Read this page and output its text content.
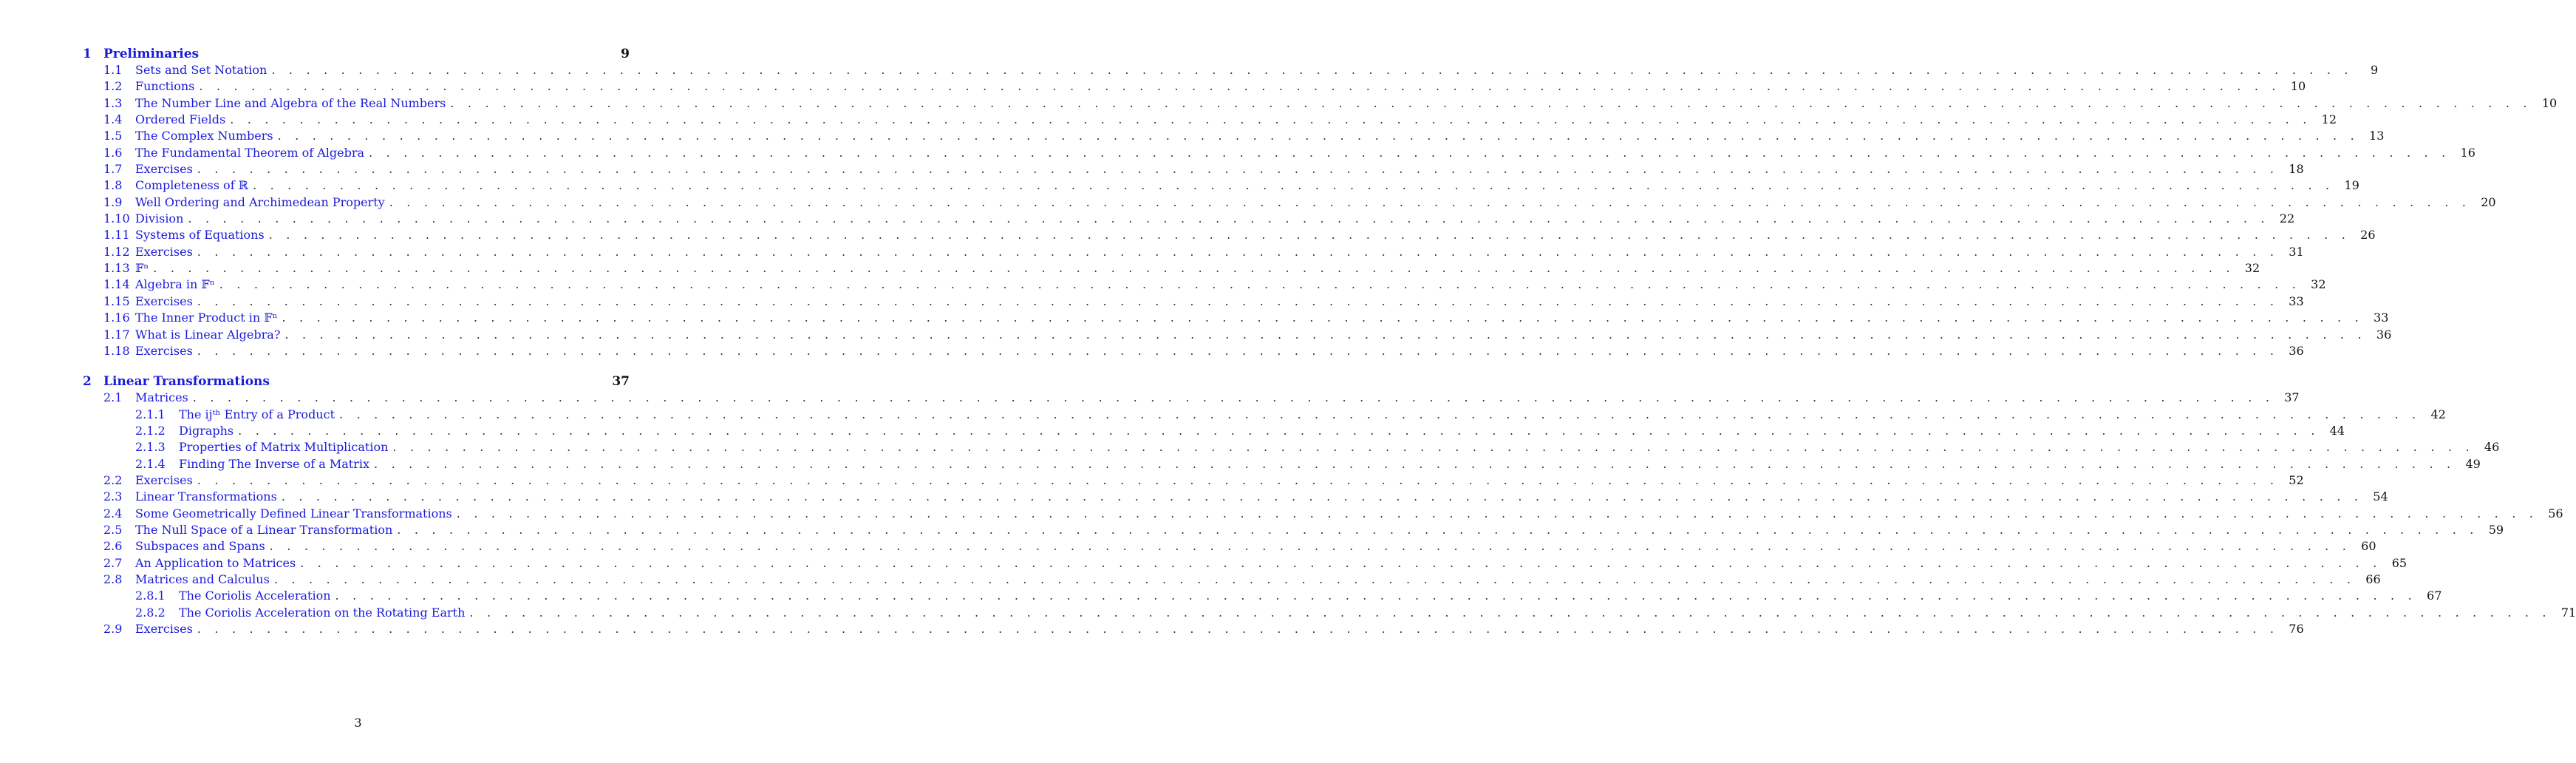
1 Preliminaries	9
1.1	Sets and Set Notation . . . . . . . . . . . . . . . . . . . . . . . . . . . . . . . . . . . . . . . . . . . . . . . . . . . . . . . . . . . . . . . . . . . . . . . . . . . . . . . . . . . . . . . . . . . . . . . . . . . . . . . . . . . . . . . . . . . . . . . .	9
1.2	Functions . . . . . . . . . . . . . . . . . . . . . . . . . . . . . . . . . . . . . . . . . . . . . . . . . . . . . . . . . . . . . . . . . . . . . . . . . . . . . . . . . . . . . . . . . . . . . . . . . . . . . . . . . . . . . . . . . . . . . . . . 10
1.3	The Number Line and Algebra of the Real Numbers . . . . . . . . . . . . . . . . . . . . . . . . . . . . . . . . . . . . . . . . . . . . . . . . . . . . . . . . . . . . . . . . . . . . . . . . . . . . . . . . . . . . . . . . . . . . . . . . . . . . . . . . . . . . . . . . . . . . . . . . 10
1.4	Ordered Fields . . . . . . . . . . . . . . . . . . . . . . . . . . . . . . . . . . . . . . . . . . . . . . . . . . . . . . . . . . . . . . . . . . . . . . . . . . . . . . . . . . . . . . . . . . . . . . . . . . . . . . . . . . . . . . . . . . . . . . . . 12
1.5	The Complex Numbers . . . . . . . . . . . . . . . . . . . . . . . . . . . . . . . . . . . . . . . . . . . . . . . . . . . . . . . . . . . . . . . . . . . . . . . . . . . . . . . . . . . . . . . . . . . . . . . . . . . . . . . . . . . . . . . . . . . . . . . . 13
1.6	The Fundamental Theorem of Algebra . . . . . . . . . . . . . . . . . . . . . . . . . . . . . . . . . . . . . . . . . . . . . . . . . . . . . . . . . . . . . . . . . . . . . . . . . . . . . . . . . . . . . . . . . . . . . . . . . . . . . . . . . . . . . . . . . . . . . . . . 16
1.7	Exercises . . . . . . . . . . . . . . . . . . . . . . . . . . . . . . . . . . . . . . . . . . . . . . . . . . . . . . . . . . . . . . . . . . . . . . . . . . . . . . . . . . . . . . . . . . . . . . . . . . . . . . . . . . . . . . . . . . . . . . . . 18
1.8	Completeness of ℝ . . . . . . . . . . . . . . . . . . . . . . . . . . . . . . . . . . . . . . . . . . . . . . . . . . . . . . . . . . . . . . . . . . . . . . . . . . . . . . . . . . . . . . . . . . . . . . . . . . . . . . . . . . . . . . . . . . . . . . . . 19
1.9	Well Ordering and Archimedean Property . . . . . . . . . . . . . . . . . . . . . . . . . . . . . . . . . . . . . . . . . . . . . . . . . . . . . . . . . . . . . . . . . . . . . . . . . . . . . . . . . . . . . . . . . . . . . . . . . . . . . . . . . . . . . . . . . . . . . . . . 20
1.10 Division . . . . . . . . . . . . . . . . . . . . . . . . . . . . . . . . . . . . . . . . . . . . . . . . . . . . . . . . . . . . . . . . . . . . . . . . . . . . . . . . . . . . . . . . . . . . . . . . . . . . . . . . . . . . . . . . . . . . . . . . 22
1.11 Systems of Equations . . . . . . . . . . . . . . . . . . . . . . . . . . . . . . . . . . . . . . . . . . . . . . . . . . . . . . . . . . . . . . . . . . . . . . . . . . . . . . . . . . . . . . . . . . . . . . . . . . . . . . . . . . . . . . . . . . . . . . . . 26
1.12 Exercises . . . . . . . . . . . . . . . . . . . . . . . . . . . . . . . . . . . . . . . . . . . . . . . . . . . . . . . . . . . . . . . . . . . . . . . . . . . . . . . . . . . . . . . . . . . . . . . . . . . . . . . . . . . . . . . . . . . . . . . . 31
1.13 𝔽ⁿ . . . . . . . . . . . . . . . . . . . . . . . . . . . . . . . . . . . . . . . . . . . . . . . . . . . . . . . . . . . . . . . . . . . . . . . . . . . . . . . . . . . . . . . . . . . . . . . . . . . . . . . . . . . . . . . . . . . . . . . . 32
1.14 Algebra in 𝔽ⁿ . . . . . . . . . . . . . . . . . . . . . . . . . . . . . . . . . . . . . . . . . . . . . . . . . . . . . . . . . . . . . . . . . . . . . . . . . . . . . . . . . . . . . . . . . . . . . . . . . . . . . . . . . . . . . . . . . . . . . . . . 32
1.15 Exercises . . . . . . . . . . . . . . . . . . . . . . . . . . . . . . . . . . . . . . . . . . . . . . . . . . . . . . . . . . . . . . . . . . . . . . . . . . . . . . . . . . . . . . . . . . . . . . . . . . . . . . . . . . . . . . . . . . . . . . . . 33
1.16 The Inner Product in 𝔽ⁿ . . . . . . . . . . . . . . . . . . . . . . . . . . . . . . . . . . . . . . . . . . . . . . . . . . . . . . . . . . . . . . . . . . . . . . . . . . . . . . . . . . . . . . . . . . . . . . . . . . . . . . . . . . . . . . . . . . . . . . . . 33
1.17 What is Linear Algebra? . . . . . . . . . . . . . . . . . . . . . . . . . . . . . . . . . . . . . . . . . . . . . . . . . . . . . . . . . . . . . . . . . . . . . . . . . . . . . . . . . . . . . . . . . . . . . . . . . . . . . . . . . . . . . . . . . . . . . . . . 36
1.18 Exercises . . . . . . . . . . . . . . . . . . . . . . . . . . . . . . . . . . . . . . . . . . . . . . . . . . . . . . . . . . . . . . . . . . . . . . . . . . . . . . . . . . . . . . . . . . . . . . . . . . . . . . . . . . . . . . . . . . . . . . . . 36
2 Linear Transformations	37
2.1	Matrices . . . . . . . . . . . . . . . . . . . . . . . . . . . . . . . . . . . . . . . . . . . . . . . . . . . . . . . . . . . . . . . . . . . . . . . . . . . . . . . . . . . . . . . . . . . . . . . . . . . . . . . . . . . . . . . . . . . . . . . . 37
2.1.1	The ijᵗʰ Entry of a Product . . . . . . . . . . . . . . . . . . . . . . . . . . . . . . . . . . . . . . . . . . . . . . . . . . . . . . . . . . . . . . . . . . . . . . . . . . . . . . . . . . . . . . . . . . . . . . . . . . . . . . . . . . . . . . . . . . . . . . . . 42
2.1.2	Digraphs . . . . . . . . . . . . . . . . . . . . . . . . . . . . . . . . . . . . . . . . . . . . . . . . . . . . . . . . . . . . . . . . . . . . . . . . . . . . . . . . . . . . . . . . . . . . . . . . . . . . . . . . . . . . . . . . . . . . . . . . 44
2.1.3	Properties of Matrix Multiplication . . . . . . . . . . . . . . . . . . . . . . . . . . . . . . . . . . . . . . . . . . . . . . . . . . . . . . . . . . . . . . . . . . . . . . . . . . . . . . . . . . . . . . . . . . . . . . . . . . . . . . . . . . . . . . . . . . . . . . . . 46
2.1.4	Finding The Inverse of a Matrix . . . . . . . . . . . . . . . . . . . . . . . . . . . . . . . . . . . . . . . . . . . . . . . . . . . . . . . . . . . . . . . . . . . . . . . . . . . . . . . . . . . . . . . . . . . . . . . . . . . . . . . . . . . . . . . . . . . . . . . . 49
2.2	Exercises . . . . . . . . . . . . . . . . . . . . . . . . . . . . . . . . . . . . . . . . . . . . . . . . . . . . . . . . . . . . . . . . . . . . . . . . . . . . . . . . . . . . . . . . . . . . . . . . . . . . . . . . . . . . . . . . . . . . . . . . 52
2.3	Linear Transformations . . . . . . . . . . . . . . . . . . . . . . . . . . . . . . . . . . . . . . . . . . . . . . . . . . . . . . . . . . . . . . . . . . . . . . . . . . . . . . . . . . . . . . . . . . . . . . . . . . . . . . . . . . . . . . . . . . . . . . . . 54
2.4	Some Geometrically Defined Linear Transformations . . . . . . . . . . . . . . . . . . . . . . . . . . . . . . . . . . . . . . . . . . . . . . . . . . . . . . . . . . . . . . . . . . . . . . . . . . . . . . . . . . . . . . . . . . . . . . . . . . . . . . . . . . . . . . . . . . . . . . . . 56
2.5	The Null Space of a Linear Transformation . . . . . . . . . . . . . . . . . . . . . . . . . . . . . . . . . . . . . . . . . . . . . . . . . . . . . . . . . . . . . . . . . . . . . . . . . . . . . . . . . . . . . . . . . . . . . . . . . . . . . . . . . . . . . . . . . . . . . . . . 59
2.6	Subspaces and Spans . . . . . . . . . . . . . . . . . . . . . . . . . . . . . . . . . . . . . . . . . . . . . . . . . . . . . . . . . . . . . . . . . . . . . . . . . . . . . . . . . . . . . . . . . . . . . . . . . . . . . . . . . . . . . . . . . . . . . . . . 60
2.7	An Application to Matrices . . . . . . . . . . . . . . . . . . . . . . . . . . . . . . . . . . . . . . . . . . . . . . . . . . . . . . . . . . . . . . . . . . . . . . . . . . . . . . . . . . . . . . . . . . . . . . . . . . . . . . . . . . . . . . . . . . . . . . . . 65
2.8	Matrices and Calculus . . . . . . . . . . . . . . . . . . . . . . . . . . . . . . . . . . . . . . . . . . . . . . . . . . . . . . . . . . . . . . . . . . . . . . . . . . . . . . . . . . . . . . . . . . . . . . . . . . . . . . . . . . . . . . . . . . . . . . . . 66
2.8.1	The Coriolis Acceleration . . . . . . . . . . . . . . . . . . . . . . . . . . . . . . . . . . . . . . . . . . . . . . . . . . . . . . . . . . . . . . . . . . . . . . . . . . . . . . . . . . . . . . . . . . . . . . . . . . . . . . . . . . . . . . . . . . . . . . . . 67
2.8.2	The Coriolis Acceleration on the Rotating Earth . . . . . . . . . . . . . . . . . . . . . . . . . . . . . . . . . . . . . . . . . . . . . . . . . . . . . . . . . . . . . . . . . . . . . . . . . . . . . . . . . . . . . . . . . . . . . . . . . . . . . . . . . . . . . . . . . . . . . . . . 71
2.9	Exercises . . . . . . . . . . . . . . . . . . . . . . . . . . . . . . . . . . . . . . . . . . . . . . . . . . . . . . . . . . . . . . . . . . . . . . . . . . . . . . . . . . . . . . . . . . . . . . . . . . . . . . . . . . . . . . . . . . . . . . . . 76
3
